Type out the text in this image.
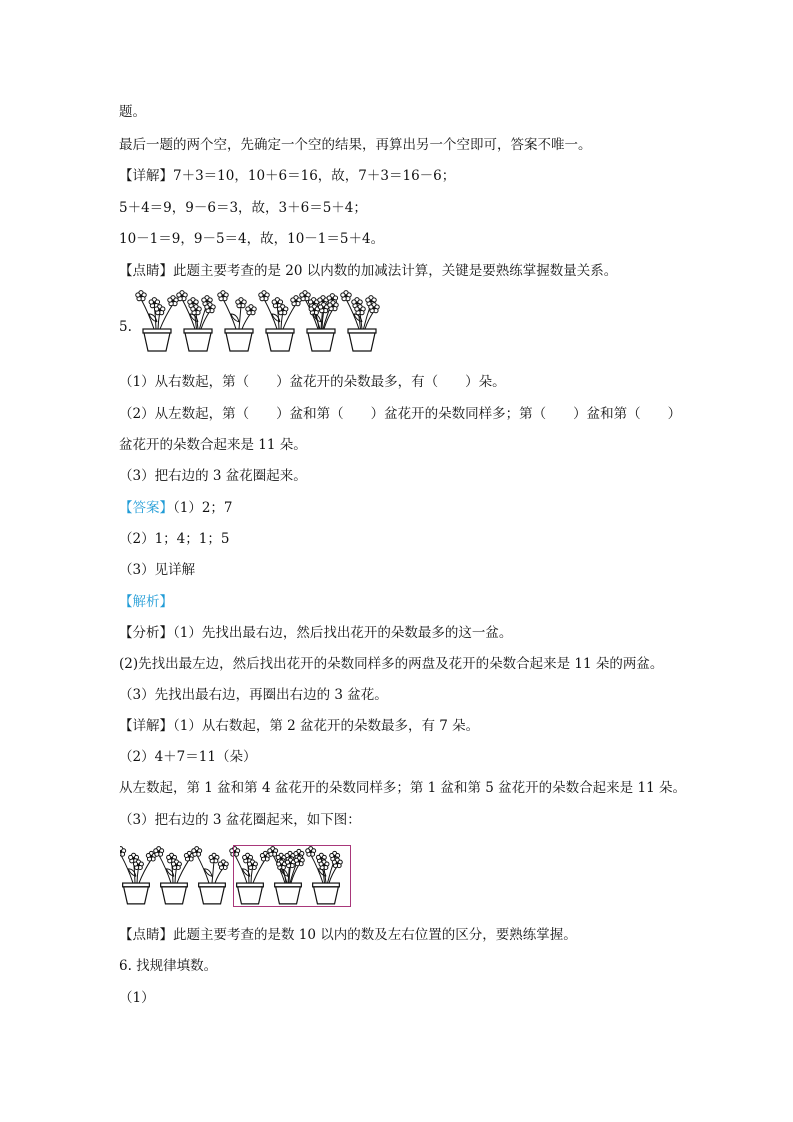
题。
最后一题的两个空，先确定一个空的结果，再算出另一个空即可，答案不唯一。
【详解】7＋3＝10，10＋6＝16，故，7＋3＝16－6；
5＋4＝9，9－6＝3，故，3＋6＝5＋4；
10－1＝9，9－5＝4，故，10－1＝5＋4。
【点睛】此题主要考查的是 20 以内数的加减法计算，关键是要熟练掌握数量关系。
5.
（1）从右数起，第（　　）盆花开的朵数最多，有（　　）朵。
（2）从左数起，第（　　）盆和第（　　）盆花开的朵数同样多；第（　　）盆和第（　　）
盆花开的朵数合起来是 11 朵。
（3）把右边的 3 盆花圈起来。
【答案】（1）2；7
（2）1；4；1；5
（3）见详解
【解析】
【分析】（1）先找出最右边，然后找出花开的朵数最多的这一盆。
(2)先找出最左边，然后找出花开的朵数同样多的两盘及花开的朵数合起来是 11 朵的两盆。
（3）先找出最右边，再圈出右边的 3 盆花。
【详解】（1）从右数起，第 2 盆花开的朵数最多，有 7 朵。
（2）4＋7＝11（朵）
从左数起，第 1 盆和第 4 盆花开的朵数同样多；第 1 盆和第 5 盆花开的朵数合起来是 11 朵。
（3）把右边的 3 盆花圈起来，如下图：
【点睛】此题主要考查的是数 10 以内的数及左右位置的区分，要熟练掌握。
6. 找规律填数。
（1）
